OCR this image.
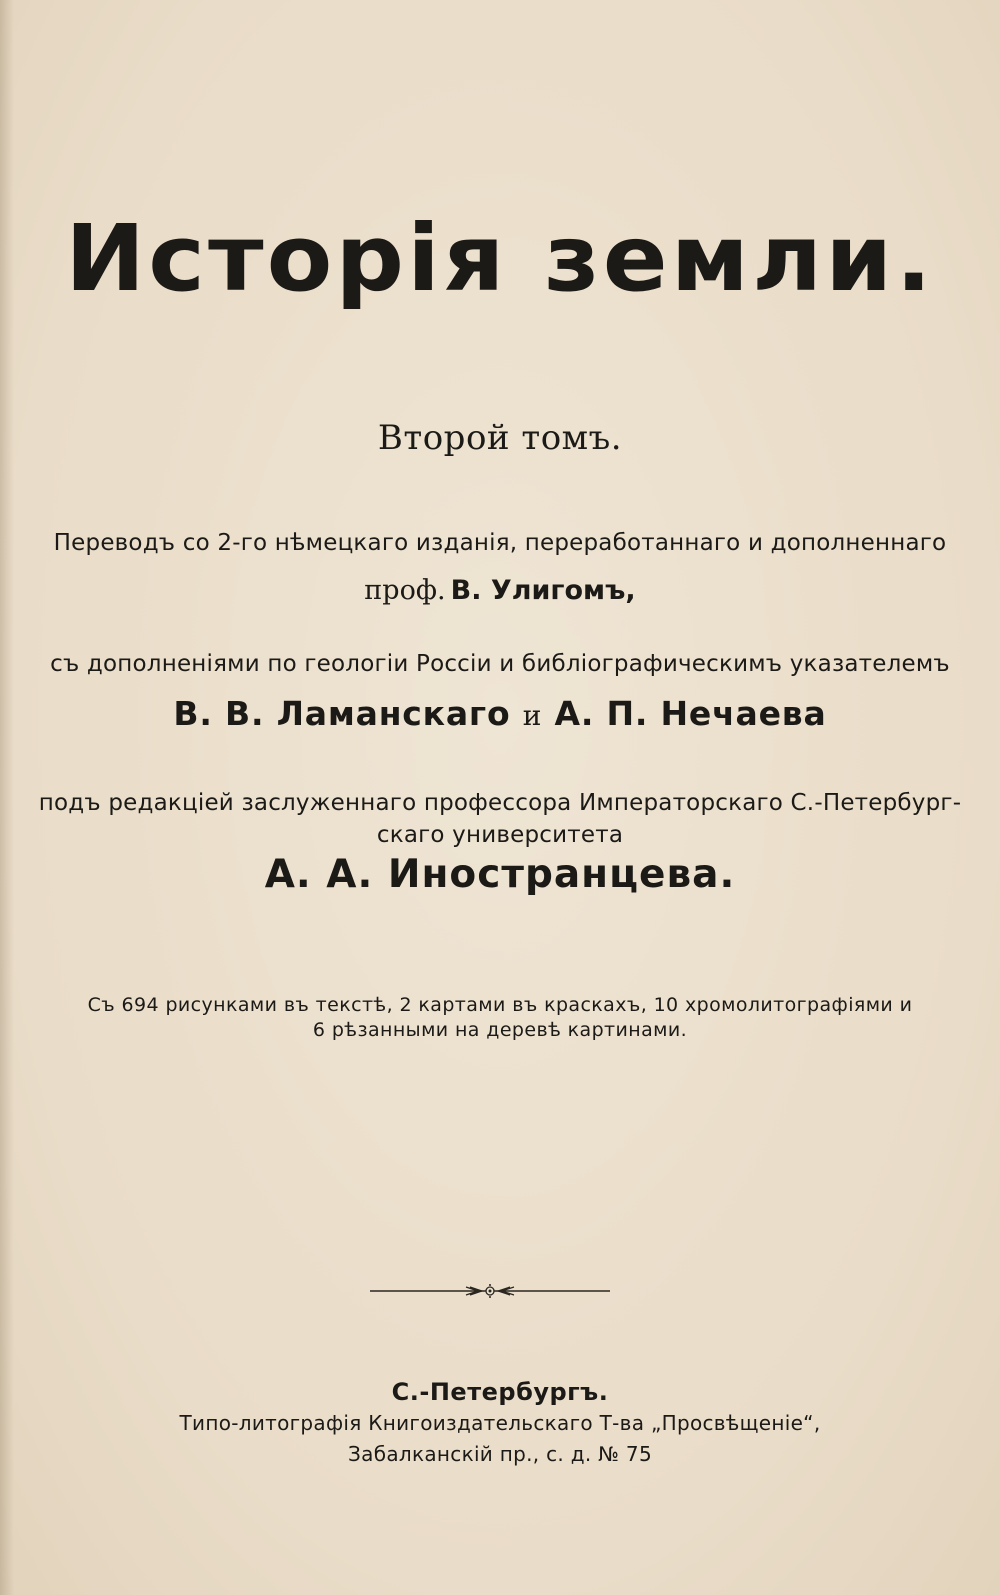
Исторія земли.
Второй томъ.
Переводъ со 2-го нѣмецкаго изданія, переработаннаго и дополненнаго
проф. В. Улигомъ,
съ дополненіями по геологіи Россіи и библіографическимъ указателемъ
В. В. Ламанскаго и А. П. Нечаева
подъ редакціей заслуженнаго профессора Императорскаго С.-Петербург-
скаго университета
А. А. Иностранцева.
Съ 694 рисунками въ текстѣ, 2 картами въ краскахъ, 10 хромолитографіями и
6 рѣзанными на деревѣ картинами.
С.-Петербургъ.
Типо-литографія Книгоиздательскаго Т-ва „Просвѣщеніе“,
Забалканскій пр., с. д. № 75
